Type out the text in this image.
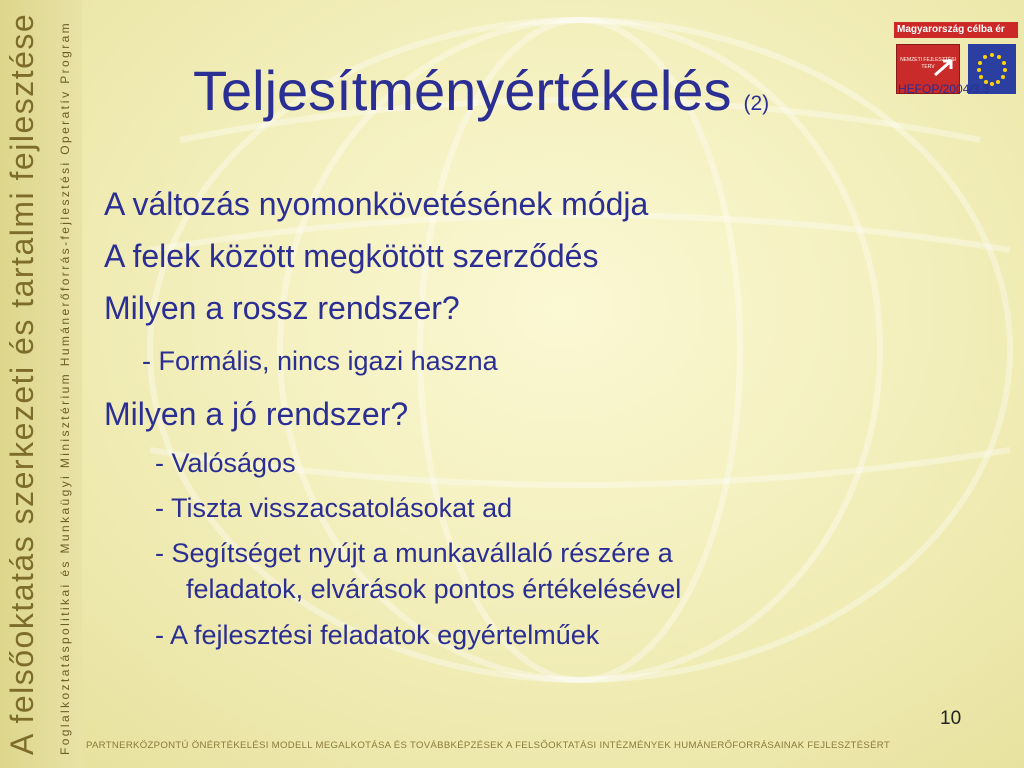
A felsőoktatás szerkezeti és tartalmi fejlesztése Foglalkoztatáspolitikai és Munkaügyi Minisztérium Humánerőforrás-fejlesztési Operatív Program Teljesítményértékelés (2)
Magyarország célba ér
NEMZETI FEJLESZTÉSI TERV
HEFOP/2004/3.3
A változás nyomonkövetésének módja
A felek között megkötött szerződés
Milyen a rossz rendszer?
- Formális, nincs igazi haszna
Milyen a jó rendszer?
- Valóságos
- Tiszta visszacsatolásokat ad
- Segítséget nyújt a munkavállaló részére a
feladatok, elvárások pontos értékelésével
- A fejlesztési feladatok egyértelműek
10
PARTNERKÖZPONTÚ ÖNÉRTÉKELÉSI MODELL MEGALKOTÁSA ÉS TOVÁBBKÉPZÉSEK A FELSŐOKTATÁSI INTÉZMÉNYEK HUMÁNERŐFORRÁSAINAK FEJLESZTÉSÉRT
